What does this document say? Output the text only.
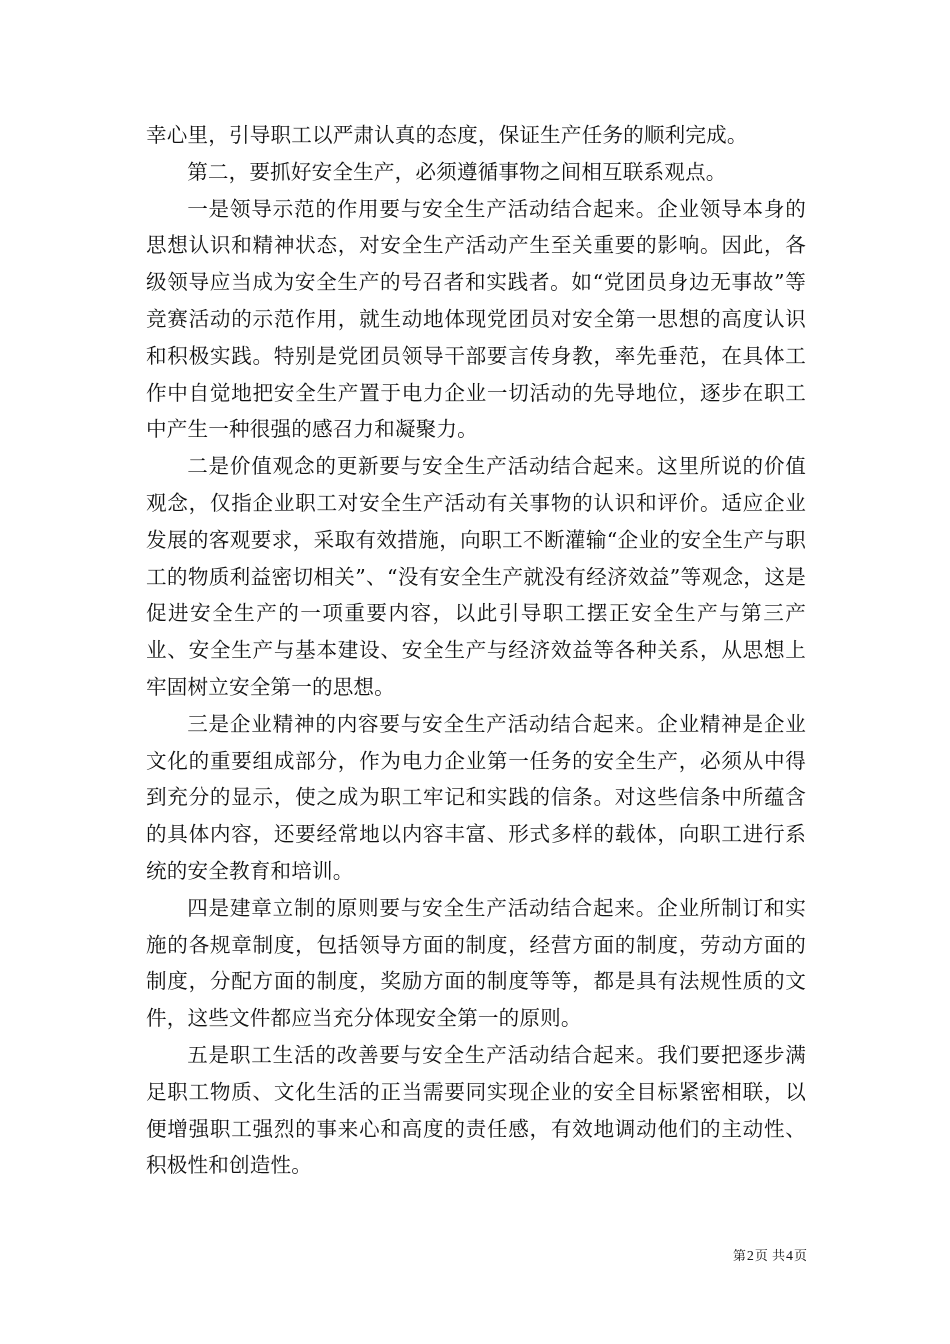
幸心里，引导职工以严肃认真的态度，保证生产任务的顺利完成。

第二，要抓好安全生产，必须遵循事物之间相互联系观点。

一是领导示范的作用要与安全生产活动结合起来。企业领导本身的思想认识和精神状态，对安全生产活动产生至关重要的影响。因此，各级领导应当成为安全生产的号召者和实践者。如“党团员身边无事故”等竞赛活动的示范作用，就生动地体现党团员对安全第一思想的高度认识和积极实践。特别是党团员领导干部要言传身教，率先垂范，在具体工作中自觉地把安全生产置于电力企业一切活动的先导地位，逐步在职工中产生一种很强的感召力和凝聚力。

二是价值观念的更新要与安全生产活动结合起来。这里所说的价值观念，仅指企业职工对安全生产活动有关事物的认识和评价。适应企业发展的客观要求，采取有效措施，向职工不断灌输“企业的安全生产与职工的物质利益密切相关”、“没有安全生产就没有经济效益”等观念，这是促进安全生产的一项重要内容，以此引导职工摆正安全生产与第三产业、安全生产与基本建设、安全生产与经济效益等各种关系，从思想上牢固树立安全第一的思想。

三是企业精神的内容要与安全生产活动结合起来。企业精神是企业文化的重要组成部分，作为电力企业第一任务的安全生产，必须从中得到充分的显示，使之成为职工牢记和实践的信条。对这些信条中所蕴含的具体内容，还要经常地以内容丰富、形式多样的载体，向职工进行系统的安全教育和培训。

四是建章立制的原则要与安全生产活动结合起来。企业所制订和实施的各规章制度，包括领导方面的制度，经营方面的制度，劳动方面的制度，分配方面的制度，奖励方面的制度等等，都是具有法规性质的文件，这些文件都应当充分体现安全第一的原则。

五是职工生活的改善要与安全生产活动结合起来。我们要把逐步满足职工物质、文化生活的正当需要同实现企业的安全目标紧密相联，以便增强职工强烈的事来心和高度的责任感，有效地调动他们的主动性、积极性和创造性。

第2页 共4页
